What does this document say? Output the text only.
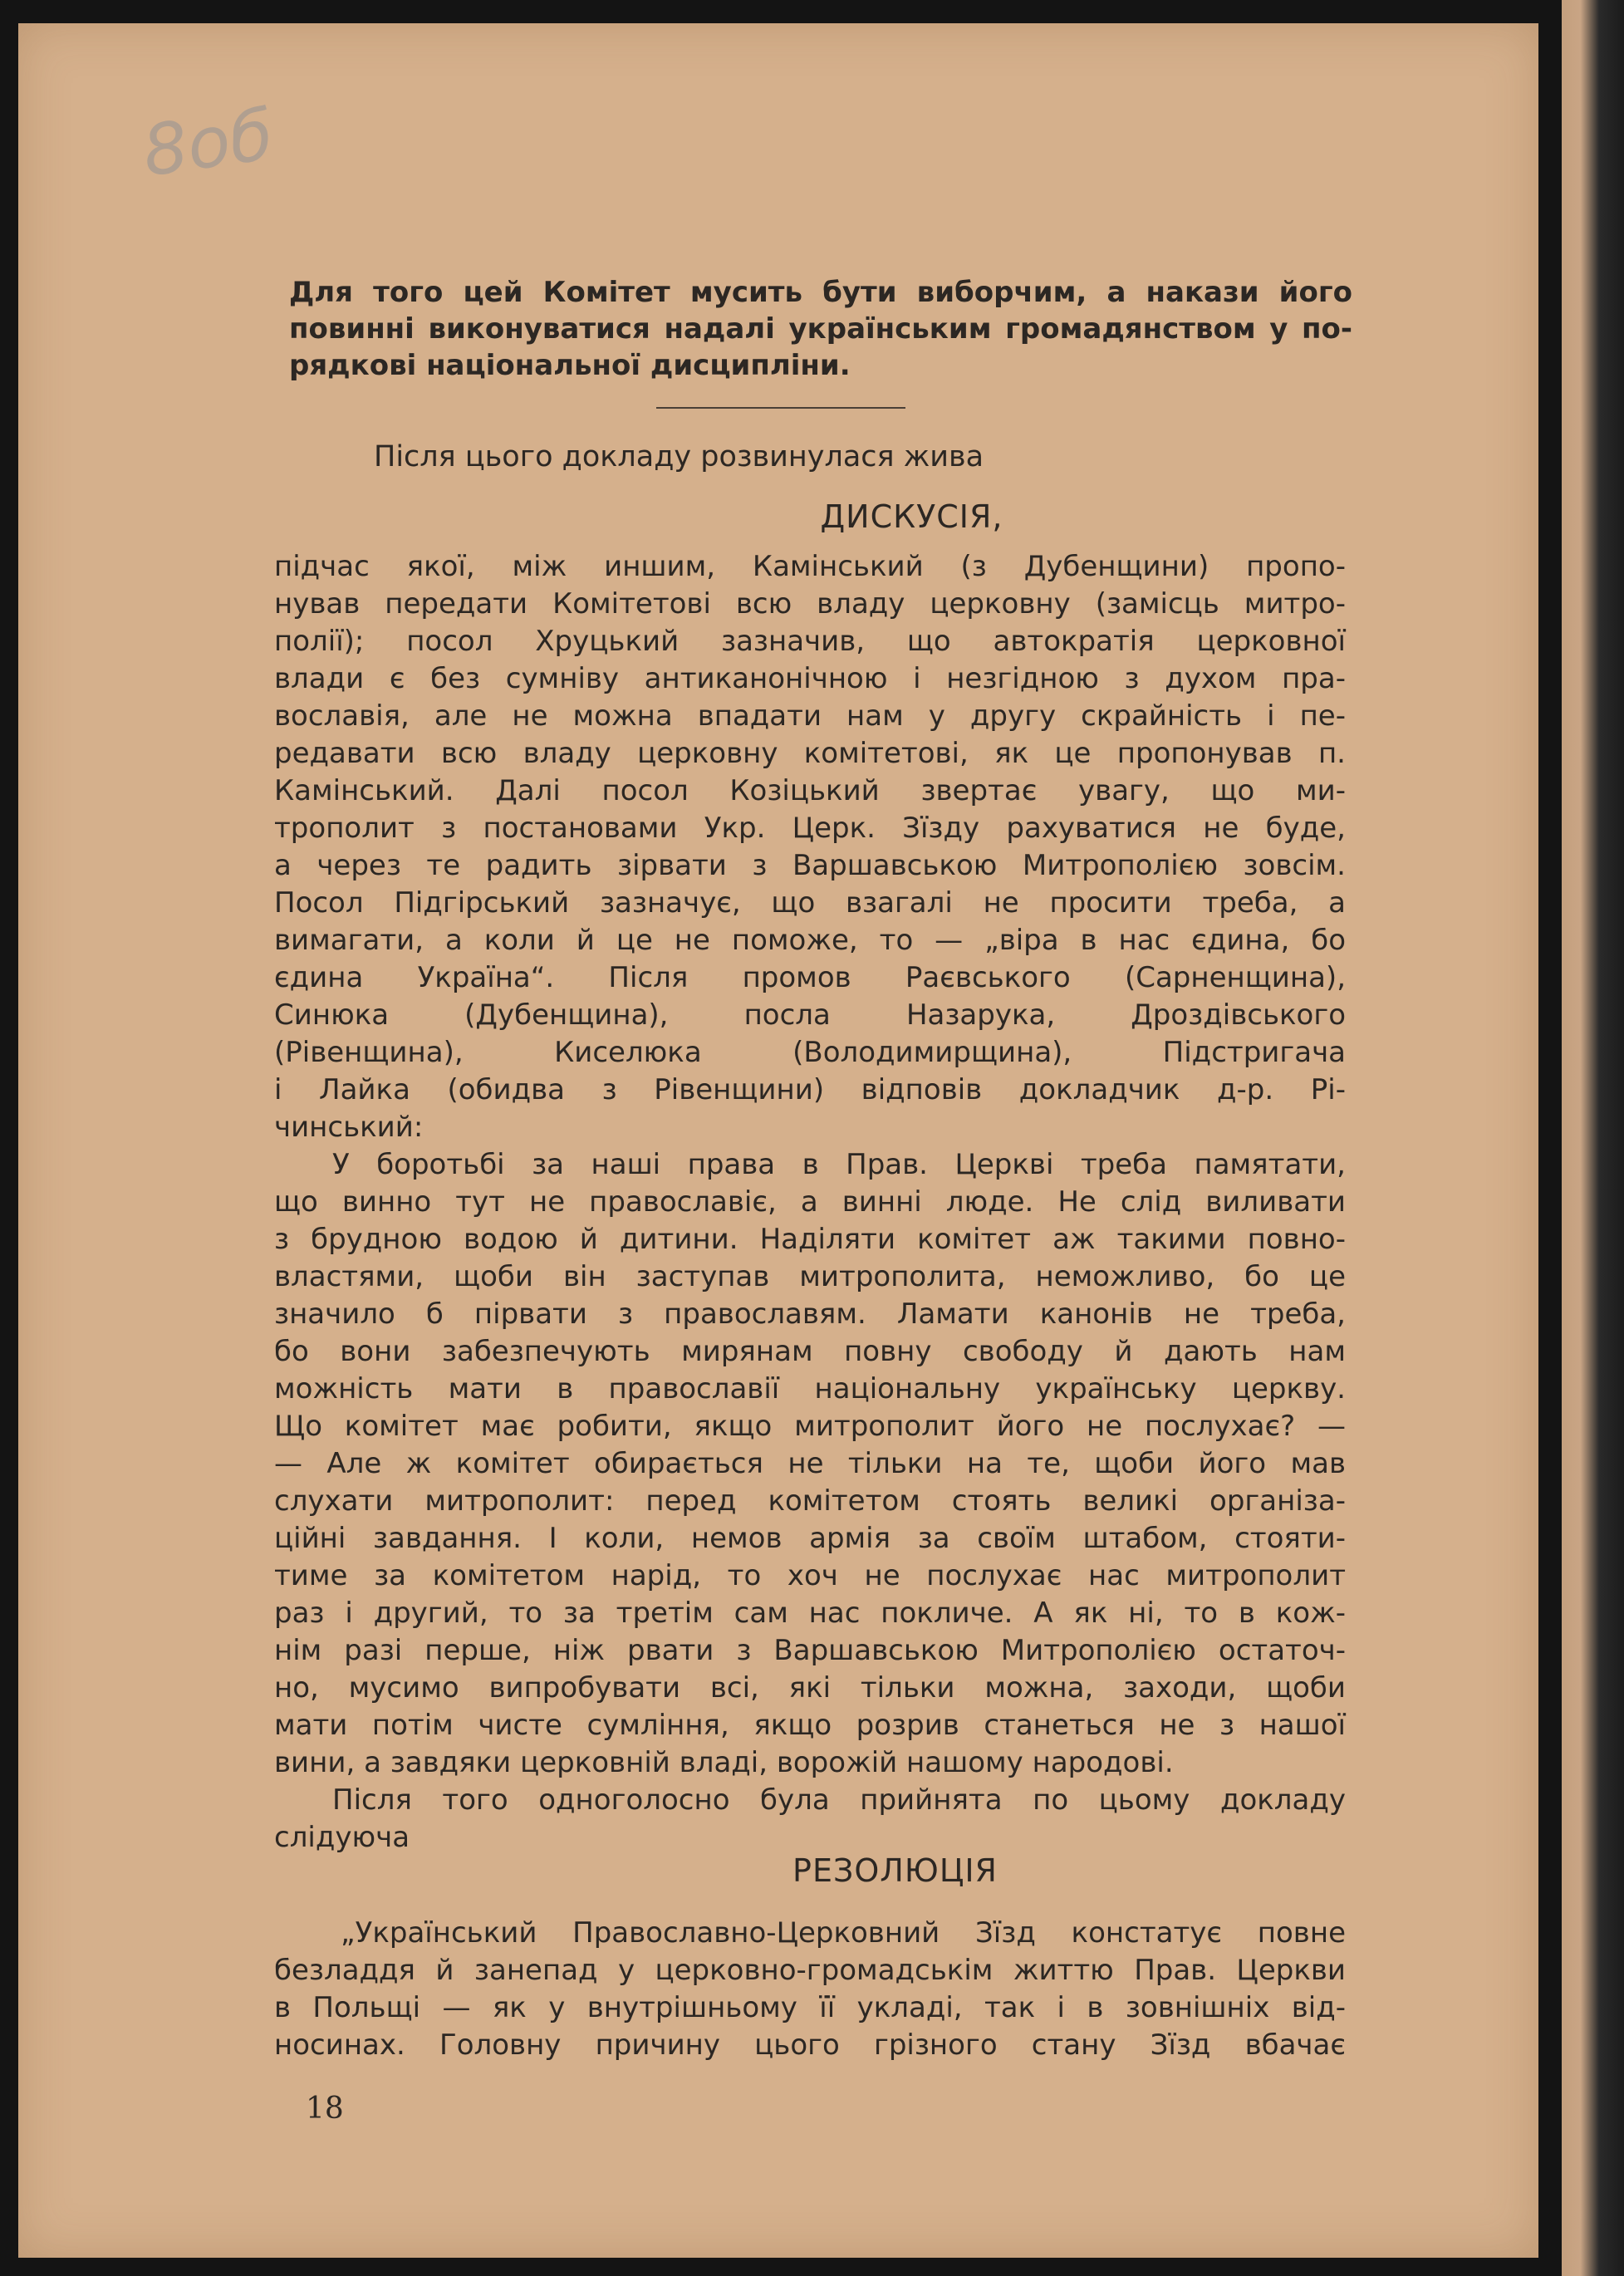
8об
Для того цей Комітет мусить бути виборчим, а накази його
повинні виконуватися надалі українським громадянством у по-
рядкові національної дисципліни.
Після цього докладу розвинулася жива
ДИСКУСІЯ,
підчас якої, між иншим, Камінський (з Дубенщини) пропо-
нував передати Комітетові всю владу церковну (замісць митро-
полії); посол Хруцький зазначив, що автократія церковної
влади є без сумніву антиканонічною і незгідною з духом пра-
вославія, але не можна впадати нам у другу скрайність і пе-
редавати всю владу церковну комітетові, як це пропонував п.
Камінський. Далі посол Козіцький звертає увагу, що ми-
трополит з постановами Укр. Церк. Зїзду рахуватися не буде,
а через те радить зірвати з Варшавською Митрополією зовсім.
Посол Підгірський зазначує, що взагалі не просити треба, а
вимагати, а коли й це не поможе, то — „віра в нас єдина, бо
єдина Україна“. Після промов Раєвського (Сарненщина),
Синюка (Дубенщина), посла Назарука, Дроздівського
(Рівенщина), Киселюка (Володимирщина), Підстригача
і Лайка (обидва з Рівенщини) відповів докладчик д-р. Рі-
чинський:
У боротьбі за наші права в Прав. Церкві треба памятати,
що винно тут не православіє, а винні люде. Не слід виливати
з брудною водою й дитини. Наділяти комітет аж такими повно-
властями, щоби він заступав митрополита, неможливо, бо це
значило б пірвати з православям. Ламати канонів не треба,
бо вони забезпечують мирянам повну свободу й дають нам
можність мати в православії національну українську церкву.
Що комітет має робити, якщо митрополит його не послухає? —
— Але ж комітет обирається не тільки на те, щоби його мав
слухати митрополит: перед комітетом стоять великі організа-
ційні завдання. І коли, немов армія за своїм штабом, стояти-
тиме за комітетом нарід, то хоч не послухає нас митрополит
раз і другий, то за третім сам нас покличе. А як ні, то в кож-
нім разі перше, ніж рвати з Варшавською Митрополією остаточ-
но, мусимо випробувати всі, які тільки можна, заходи, щоби
мати потім чисте сумління, якщо розрив станеться не з нашої
вини, а завдяки церковній владі, ворожій нашому народові.
Після того одноголосно була прийнята по цьому докладу
слідуюча
РЕЗОЛЮЦІЯ
„Український Православно-Церковний Зїзд констатує повне
безладдя й занепад у церковно-громадськім життю Прав. Церкви
в Польщі — як у внутрішньому її укладі, так і в зовнішніх від-
носинах. Головну причину цього грізного стану Зїзд вбачає
18
